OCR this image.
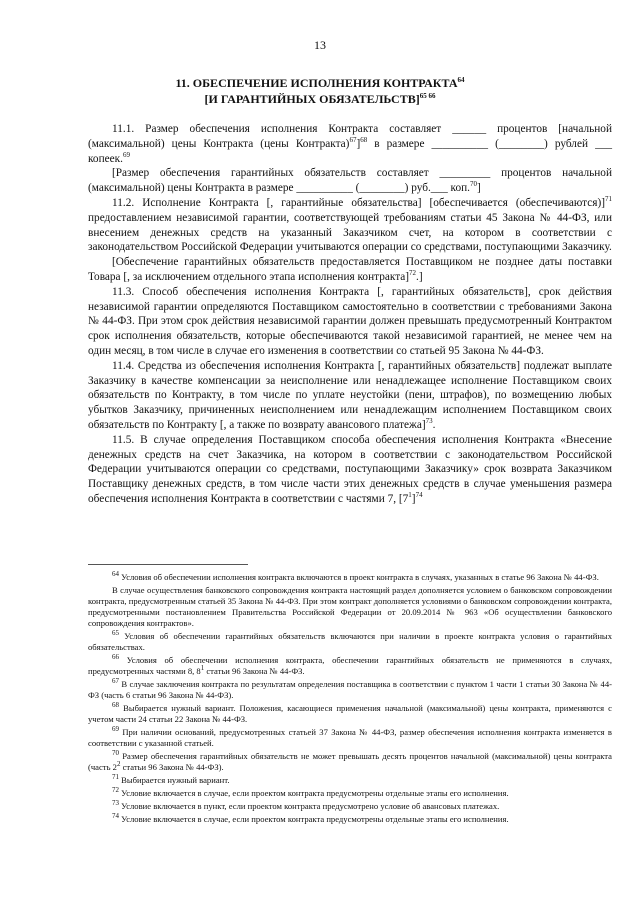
13
11. ОБЕСПЕЧЕНИЕ ИСПОЛНЕНИЯ КОНТРАКТА$^{64}$
[И ГАРАНТИЙНЫХ ОБЯЗАТЕЛЬСТВ]$^{65 66}$

11.1. Размер обеспечения исполнения Контракта составляет ______ процентов [начальной (максимальной) цены Контракта (цены Контракта)$^{67}$]$^{68}$ в размере __________ (________) рублей ___ копеек.$^{69}$

[Размер обеспечения гарантийных обязательств составляет _________ процентов начальной (максимальной) цены Контракта в размере __________ (________) руб.___ коп.$^{70}$]

11.2. Исполнение Контракта [, гарантийные обязательства] [обеспечивается (обеспечиваются)]$^{71}$ предоставлением независимой гарантии, соответствующей требованиям статьи 45 Закона № 44-ФЗ, или внесением денежных средств на указанный Заказчиком счет, на котором в соответствии с законодательством Российской Федерации учитываются операции со средствами, поступающими Заказчику.

[Обеспечение гарантийных обязательств предоставляется Поставщиком не позднее даты поставки Товара [, за исключением отдельного этапа исполнения контракта]$^{72}$.]

11.3. Способ обеспечения исполнения Контракта [, гарантийных обязательств], срок действия независимой гарантии определяются Поставщиком самостоятельно в соответствии с требованиями Закона № 44-ФЗ. При этом срок действия независимой гарантии должен превышать предусмотренный Контрактом срок исполнения обязательств, которые обеспечиваются такой независимой гарантией, не менее чем на один месяц, в том числе в случае его изменения в соответствии со статьей 95 Закона № 44-ФЗ.

11.4. Средства из обеспечения исполнения Контракта [, гарантийных обязательств] подлежат выплате Заказчику в качестве компенсации за неисполнение или ненадлежащее исполнение Поставщиком своих обязательств по Контракту, в том числе по уплате неустойки (пени, штрафов), по возмещению любых убытков Заказчику, причиненных неисполнением или ненадлежащим исполнением Поставщиком своих обязательств по Контракту [, а также по возврату авансового платежа]$^{73}$.

11.5. В случае определения Поставщиком способа обеспечения исполнения Контракта «Внесение денежных средств на счет Заказчика, на котором в соответствии с законодательством Российской Федерации учитываются операции со средствами, поступающими Заказчику» срок возврата Заказчиком Поставщику денежных средств, в том числе части этих денежных средств в случае уменьшения размера обеспечения исполнения Контракта в соответствии с частями 7, $[7^1]^{74}$

$^{64}$ Условия об обеспечении исполнения контракта включаются в проект контракта в случаях, указанных в статье 96 Закона № 44-ФЗ.

В случае осуществления банковского сопровождения контракта настоящий раздел дополняется условием о банковском сопровождении контракта, предусмотренным статьей 35 Закона № 44-ФЗ. При этом контракт дополняется условиями о банковском сопровождении контракта, предусмотренными постановлением Правительства Российской Федерации от 20.09.2014 № 963 «Об осуществлении банковского сопровождения контрактов».

$^{65}$ Условия об обеспечении гарантийных обязательств включаются при наличии в проекте контракта условия о гарантийных обязательствах.

$^{66}$ Условия об обеспечении исполнения контракта, обеспечении гарантийных обязательств не применяются в случаях, предусмотренных частями 8, $8^1$ статьи 96 Закона № 44-ФЗ.

$^{67}$ В случае заключения контракта по результатам определения поставщика в соответствии с пунктом 1 части 1 статьи 30 Закона № 44-ФЗ (часть 6 статьи 96 Закона № 44-ФЗ).

$^{68}$ Выбирается нужный вариант. Положения, касающиеся применения начальной (максимальной) цены контракта, применяются с учетом части 24 статьи 22 Закона № 44-ФЗ.

$^{69}$ При наличии оснований, предусмотренных статьей 37 Закона № 44-ФЗ, размер обеспечения исполнения контракта изменяется в соответствии с указанной статьей.

$^{70}$ Размер обеспечения гарантийных обязательств не может превышать десять процентов начальной (максимальной) цены контракта (часть $2^2$ статьи 96 Закона № 44-ФЗ).

$^{71}$ Выбирается нужный вариант.

$^{72}$ Условие включается в случае, если проектом контракта предусмотрены отдельные этапы его исполнения.

$^{73}$ Условие включается в пункт, если проектом контракта предусмотрено условие об авансовых платежах.

$^{74}$ Условие включается в случае, если проектом контракта предусмотрены отдельные этапы его исполнения.
